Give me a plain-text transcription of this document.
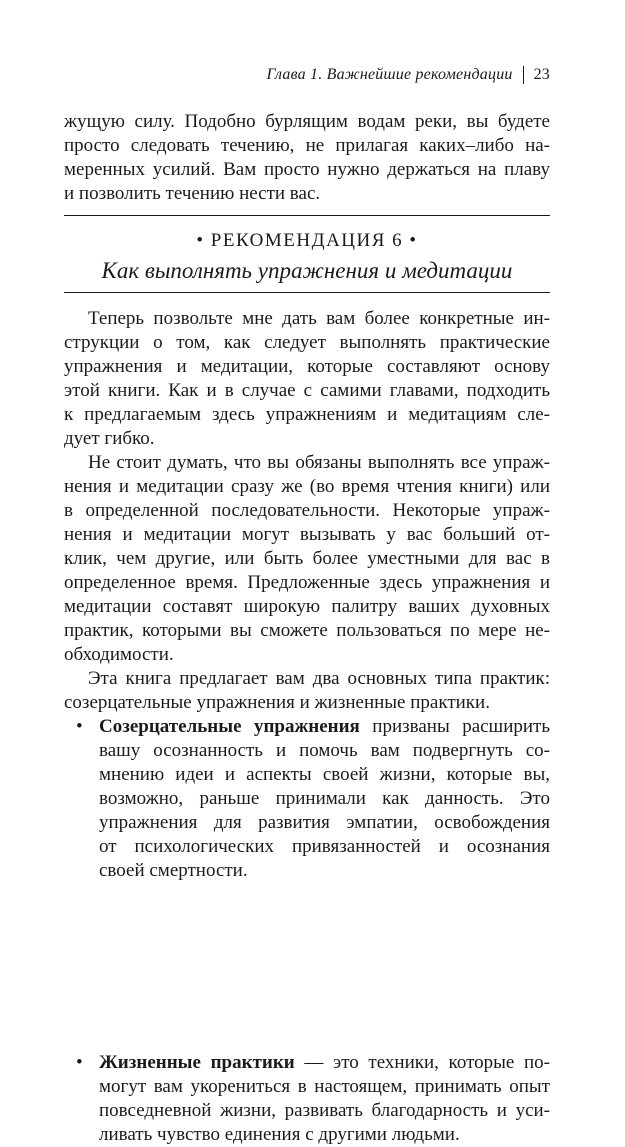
Глава 1. Важнейшие рекомендации 23
жущую силу. Подобно бурлящим водам реки, вы будете
просто следовать течению, не прилагая каких–либо на-
меренных усилий. Вам просто нужно держаться на плаву
и позволить течению нести вас.
• РЕКОМЕНДАЦИЯ 6 •
Как выполнять упражнения и медитации
Теперь позвольте мне дать вам более конкретные ин-
струкции о том, как следует выполнять практические
упражнения и медитации, которые составляют основу
этой книги. Как и в случае с самими главами, подходить
к предлагаемым здесь упражнениям и медитациям сле-
дует гибко.
Не стоит думать, что вы обязаны выполнять все упраж-
нения и медитации сразу же (во время чтения книги) или
в определенной последовательности. Некоторые упраж-
нения и медитации могут вызывать у вас больший от-
клик, чем другие, или быть более уместными для вас в
определенное время. Предложенные здесь упражнения и
медитации составят широкую палитру ваших духовных
практик, которыми вы сможете пользоваться по мере не-
обходимости.
Эта книга предлагает вам два основных типа практик:
созерцательные упражнения и жизненные практики.
• Созерцательные упражнения призваны расширить
вашу осознанность и помочь вам подвергнуть со-
мнению идеи и аспекты своей жизни, которые вы,
возможно, раньше принимали как данность. Это
упражнения для развития эмпатии, освобождения
от психологических привязанностей и осознания
своей смертности.
• Жизненные практики — это техники, которые по-
могут вам укорениться в настоящем, принимать опыт
повседневной жизни, развивать благодарность и уси-
ливать чувство единения с другими людьми.
